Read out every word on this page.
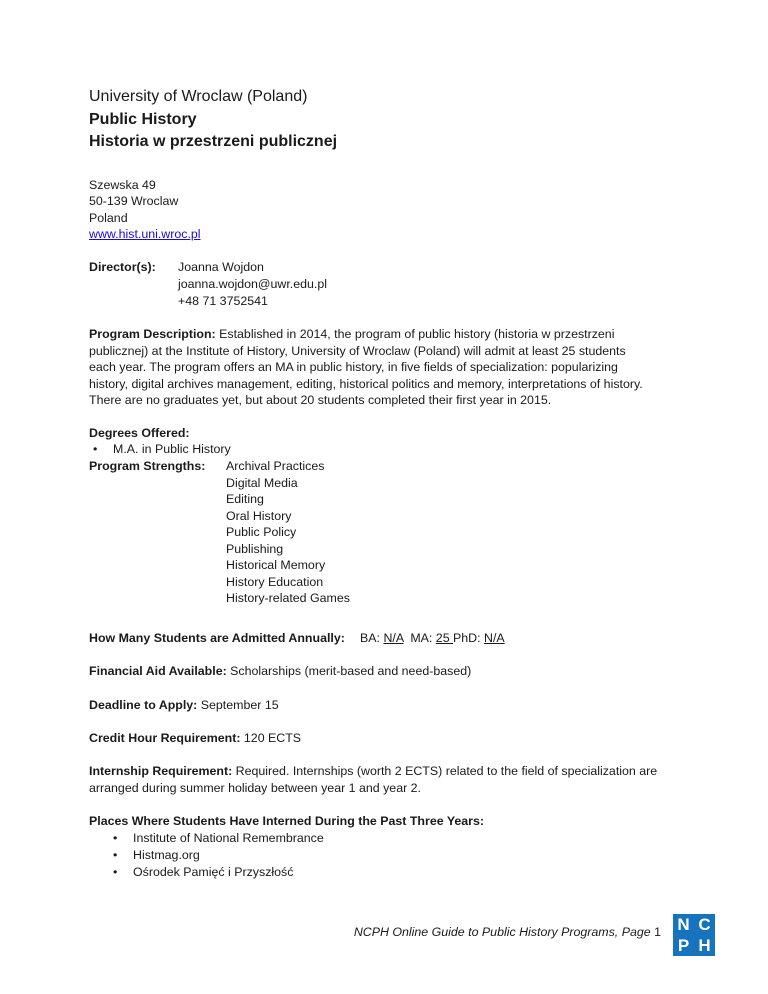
University of Wroclaw (Poland)
Public History
Historia w przestrzeni publicznej
Szewska 49
50-139 Wroclaw
Poland
www.hist.uni.wroc.pl
Director(s): Joanna Wojdon
joanna.wojdon@uwr.edu.pl
+48 71 3752541
Program Description: Established in 2014, the program of public history (historia w przestrzeni
publicznej) at the Institute of History, University of Wroclaw (Poland) will admit at least 25 students
each year. The program offers an MA in public history, in five fields of specialization: popularizing
history, digital archives management, editing, historical politics and memory, interpretations of history.
There are no graduates yet, but about 20 students completed their first year in 2015.
Degrees Offered:
•	M.A. in Public History
Program Strengths: Archival Practices
Digital Media
Editing
Oral History
Public Policy
Publishing
Historical Memory
History Education
History-related Games
How Many Students are Admitted Annually: BA: N/A MA: 25 PhD: N/A
Financial Aid Available: Scholarships (merit-based and need-based)
Deadline to Apply: September 15
Credit Hour Requirement: 120 ECTS
Internship Requirement: Required. Internships (worth 2 ECTS) related to the field of specialization are
arranged during summer holiday between year 1 and year 2.
Places Where Students Have Interned During the Past Three Years:
•	Institute of National Remembrance
•	Histmag.org
•	Ośrodek Pamięć i Przyszłość
NCPH Online Guide to Public History Programs, Page 1 N C
P H
